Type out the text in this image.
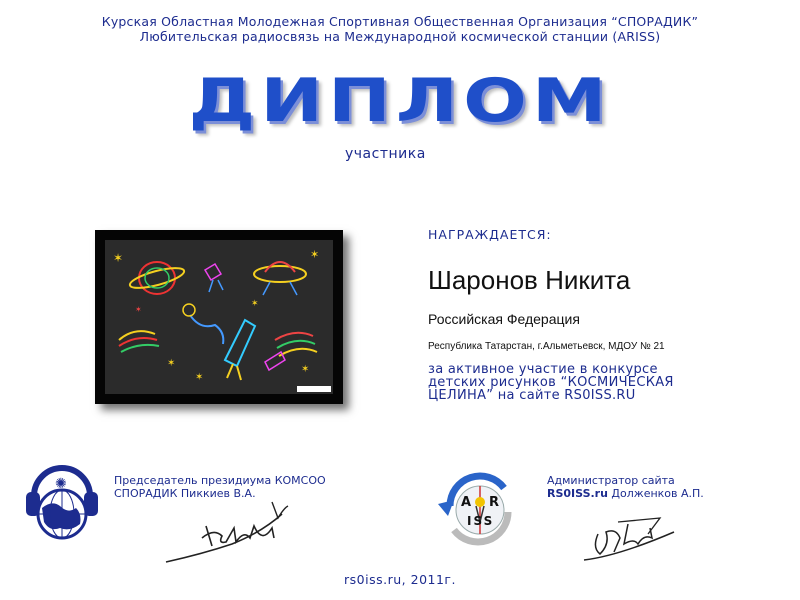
Курская Областная Молодежная Спортивная Общественная Организация “СПОРАДИК”
Любительская радиосвязь на Международной космической станции (ARISS)
ДИПЛОМ
участника
✶	✶
✶
✶
✶
✶
✶
НАГРАЖДАЕТСЯ:
Шаронов Никита
Российская Федерация
Республика Татарстан, г.Альметьевск, МДОУ № 21
за активное участие в конкурсе
детских рисунков “КОСМИЧЕСКАЯ
ЦЕЛИНА” на сайте RS0ISS.RU
✺	Председатель президиума КОМСОО
СПОРАДИК Пиккиев В.А.
A R
ISS
Администратор сайта
RS0ISS.ru Долженков А.П.
rs0iss.ru, 2011г.
